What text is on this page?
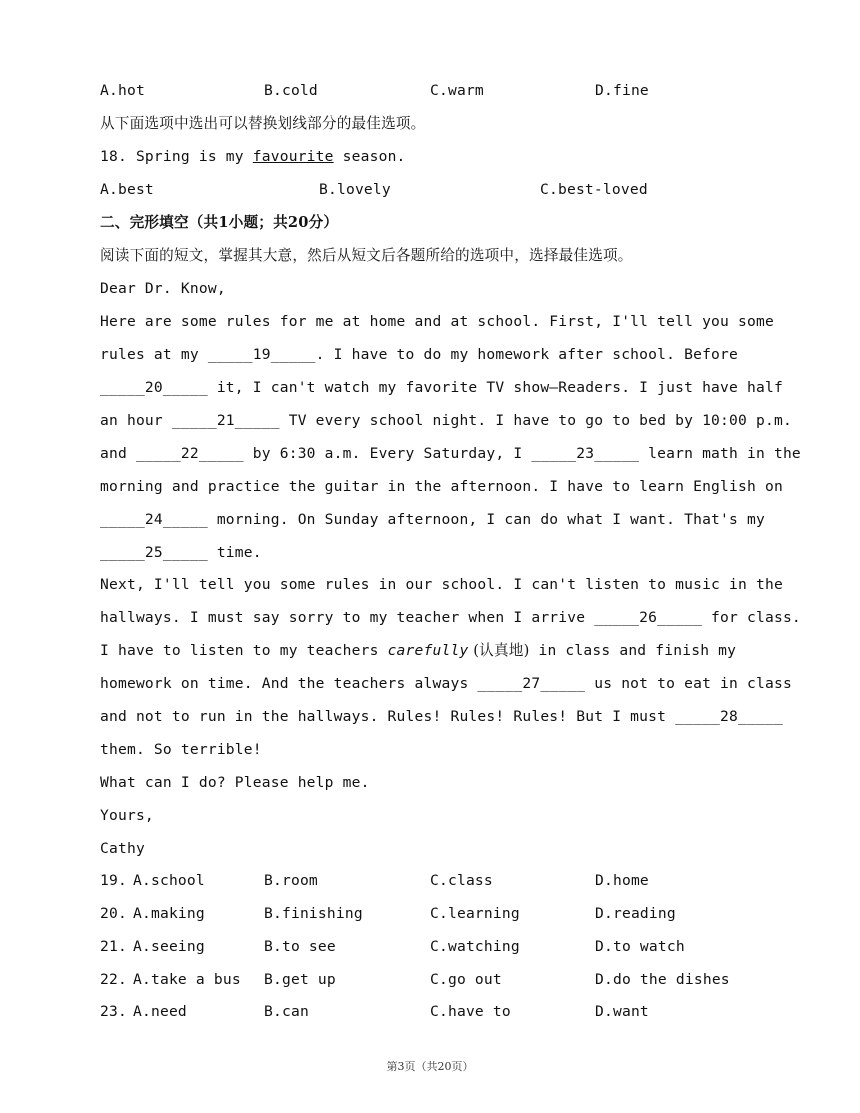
A.hot	B.cold	C.warm	D.fine
从下面选项中选出可以替换划线部分的最佳选项。
18. Spring is my favourite season.
A.best	B.lovely	C.best-loved
二、完形填空（共1小题；共20分）
阅读下面的短文，掌握其大意，然后从短文后各题所给的选项中，选择最佳选项。
Dear Dr. Know,
Here are some rules for me at home and at school. First, I'll tell you some
rules at my _____19_____. I have to do my homework after school. Before
_____20_____ it, I can't watch my favorite TV show—Readers. I just have half
an hour _____21_____ TV every school night. I have to go to bed by 10:00 p.m.
and _____22_____ by 6:30 a.m. Every Saturday, I _____23_____ learn math in the
morning and practice the guitar in the afternoon. I have to learn English on
_____24_____ morning. On Sunday afternoon, I can do what I want. That's my
_____25_____ time.
Next, I'll tell you some rules in our school. I can't listen to music in the
hallways. I must say sorry to my teacher when I arrive _____26_____ for class.
I have to listen to my teachers carefully (认真地) in class and finish my
homework on time. And the teachers always _____27_____ us not to eat in class
and not to run in the hallways. Rules! Rules! Rules! But I must _____28_____
them. So terrible!
What can I do? Please help me.
Yours,
Cathy
19. A.school	B.room	C.class	D.home
20. A.making	B.finishing	C.learning	D.reading
21. A.seeing	B.to see	C.watching	D.to watch
22. A.take a bus B.get up	C.go out	D.do the dishes
23. A.need	B.can	C.have to	D.want
第3页（共20页）
